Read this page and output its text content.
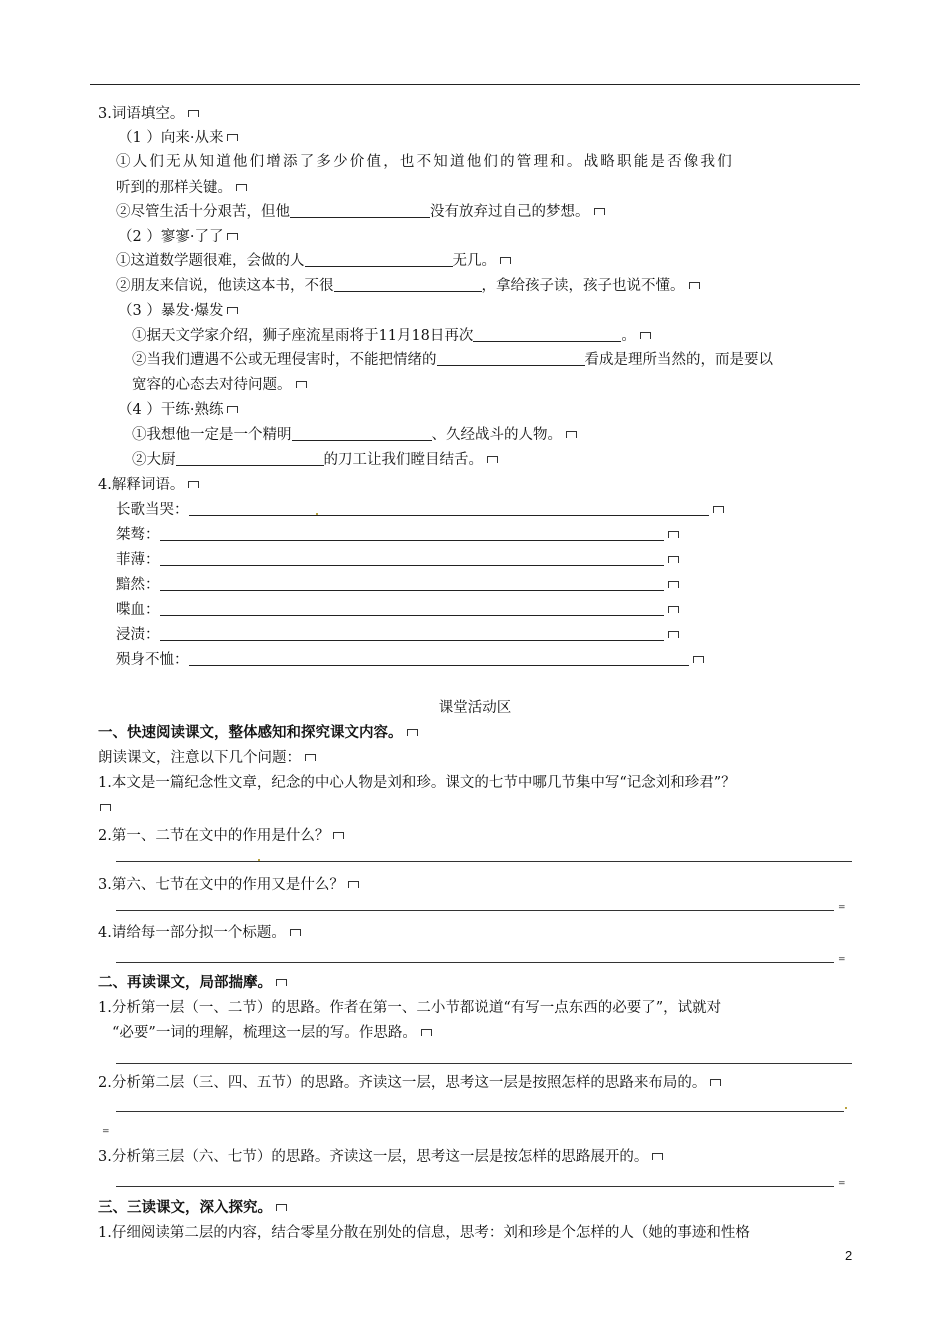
3.词语填空。
（1 ）向来·从来
①人们无从知道他们增添了多少价值，也不知道他们的管理和。战略职能是否像我们
听到的那样关键。
②尽管生活十分艰苦，但他	没有放弃过自己的梦想。
（2 ）寥寥·了了
①这道数学题很难，会做的人	无几。
②朋友来信说，他读这本书，不很	，拿给孩子读，孩子也说不懂。
（3 ）暴发·爆发
①据天文学家介绍，狮子座流星雨将于11月18日再次	。
②当我们遭遇不公或无理侵害时，不能把情绪的	看成是理所当然的，而是要以
宽容的心态去对待问题。
（4 ）干练·熟练
①我想他一定是一个精明	、久经战斗的人物。
②大厨	的刀工让我们瞠目结舌。
4.解释词语。
长歌当哭：
桀骜：
菲薄：
黯然：
喋血：
浸渍：
殒身不恤：
课堂活动区
一、快速阅读课文，整体感知和探究课文内容。
朗读课文，注意以下几个问题：
1.本文是一篇纪念性文章，纪念的中心人物是刘和珍。课文的七节中哪几节集中写“记念刘和珍君”？
2.第一、二节在文中的作用是什么？
3.第六、七节在文中的作用又是什么？
=
4.请给每一部分拟一个标题。
=
二、再读课文，局部揣摩。
1.分析第一层（一、二节）的思路。作者在第一、二小节都说道“有写一点东西的必要了”，试就对
“必要”一词的理解，梳理这一层的写。作思路。
2.分析第二层（三、四、五节）的思路。齐读这一层，思考这一层是按照怎样的思路来布局的。
=
3.分析第三层（六、七节）的思路。齐读这一层，思考这一层是按怎样的思路展开的。
=
三、三读课文，深入探究。
1.仔细阅读第二层的内容，结合零星分散在别处的信息，思考：刘和珍是个怎样的人（她的事迹和性格
2
